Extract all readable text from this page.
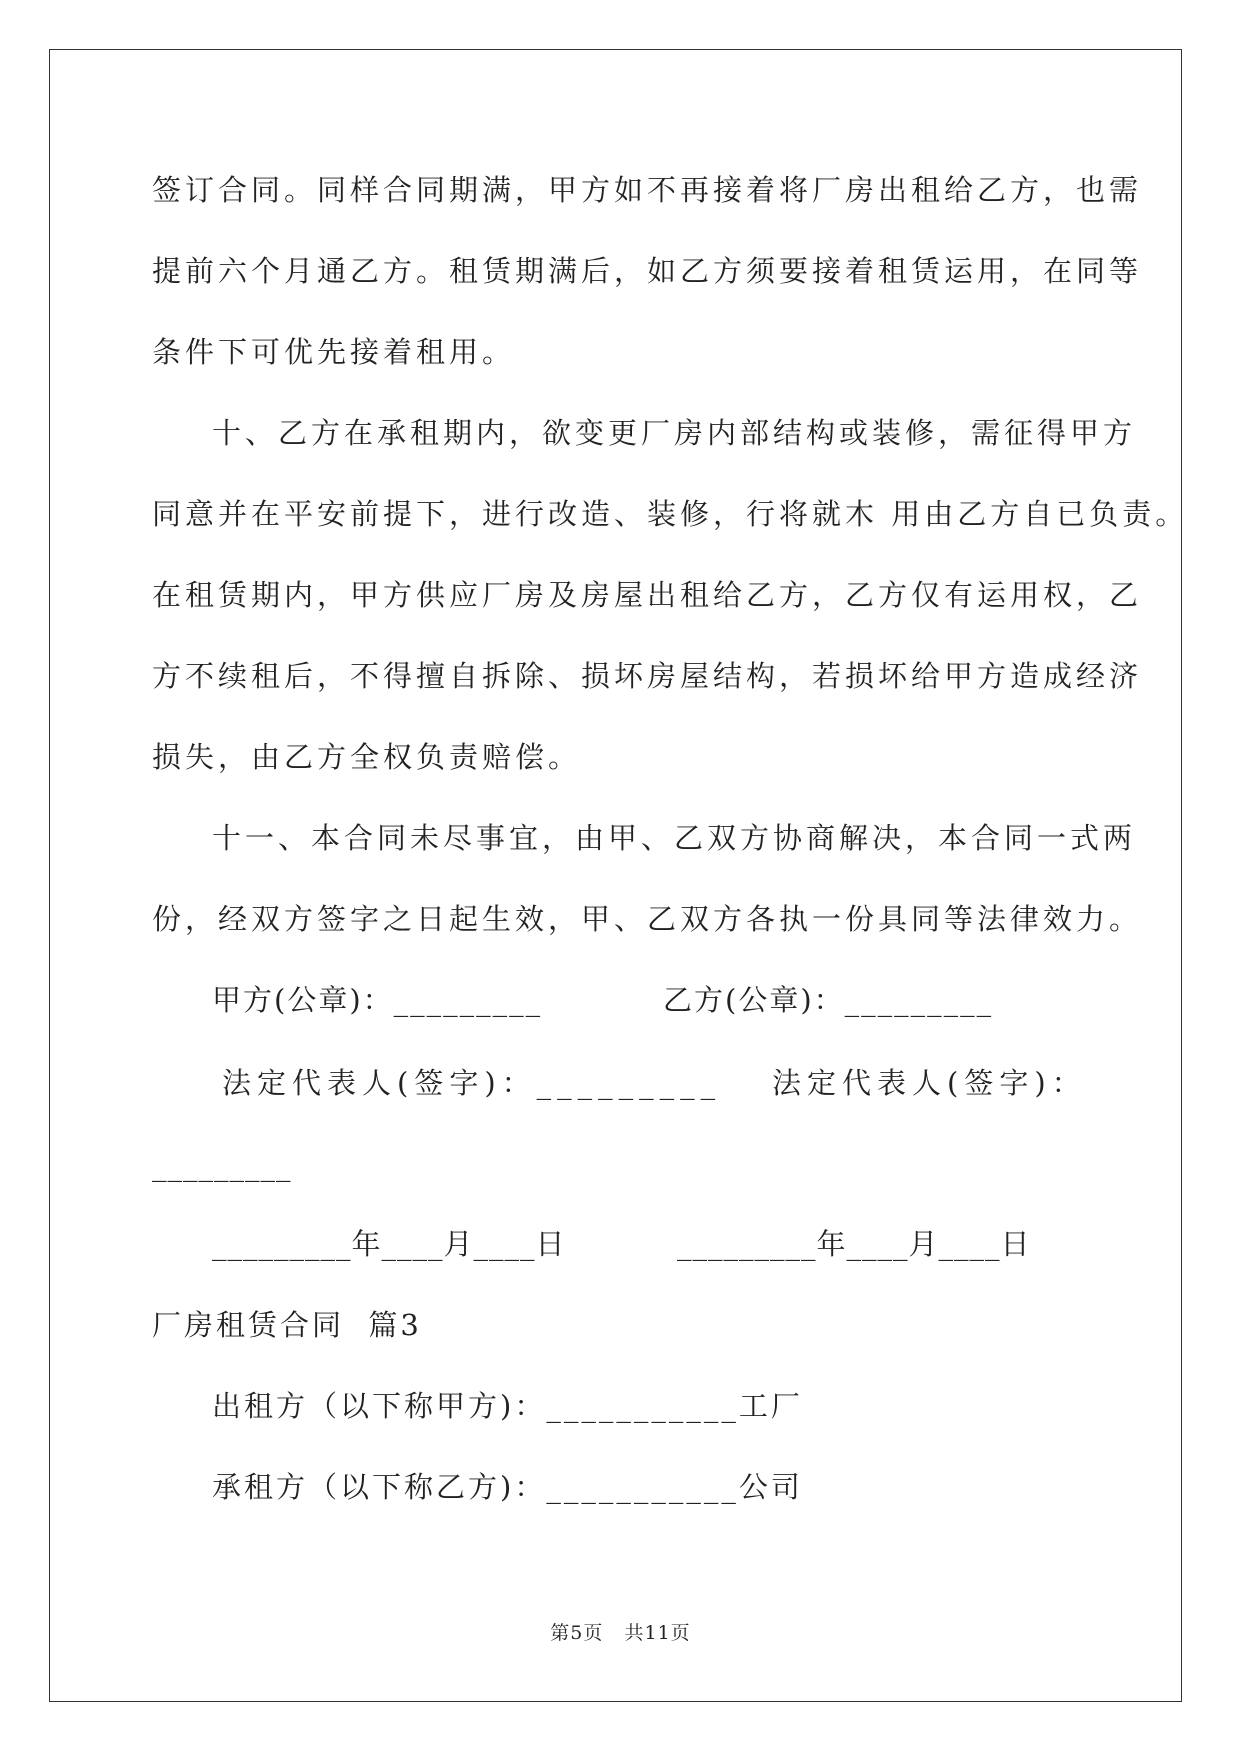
签订合同。同样合同期满，甲方如不再接着将厂房出租给乙方，也需
提前六个月通乙方。租赁期满后，如乙方须要接着租赁运用，在同等
条件下可优先接着租用。
十、乙方在承租期内，欲变更厂房内部结构或装修，需征得甲方
同意并在平安前提下，进行改造、装修，行将就木 用由乙方自已负责。
在租赁期内，甲方供应厂房及房屋出租给乙方，乙方仅有运用权，乙
方不续租后，不得擅自拆除、损坏房屋结构，若损坏给甲方造成经济
损失，由乙方全权负责赔偿。
十一、本合同未尽事宜，由甲、乙双方协商解决，本合同一式两
份，经双方签字之日起生效，甲、乙双方各执一份具同等法律效力。
甲方(公章)：_________	乙方(公章)：_________
法定代表人(签字)：_________ 法定代表人(签字)：
_________
_________年____月____日	_________年____月____日
厂房租赁合同  篇3
出租方（以下称甲方)：___________工厂
承租方（以下称乙方)：___________公司
第5页   共11页
